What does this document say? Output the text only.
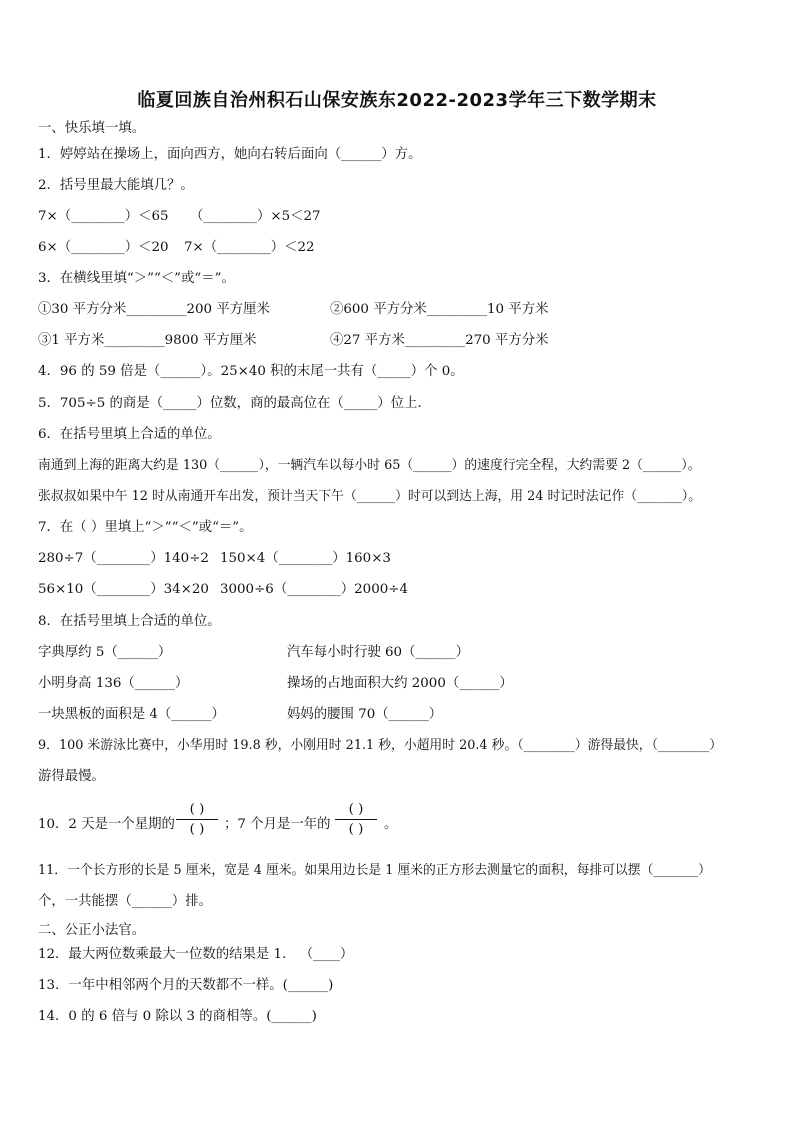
临夏回族自治州积石山保安族东2022-2023学年三下数学期末
一、快乐填一填。
1．婷婷站在操场上，面向西方，她向右转后面向（______）方。
2．括号里最大能填几？。
7×（________）＜65 （________）×5＜27
6×（________）＜20 7×（________）＜22
3．在横线里填“＞”“＜”或“＝”。
①30 平方分米_________200 平方厘米	②600 平方分米_________10 平方米
③1 平方米_________9800 平方厘米	④27 平方米_________270 平方分米
4．96 的 59 倍是（______）。25×40 积的末尾一共有（_____）个 0。
5．705÷5 的商是（_____）位数，商的最高位在（_____）位上.
6．在括号里填上合适的单位。
南通到上海的距离大约是 130（______），一辆汽车以每小时 65（______）的速度行完全程，大约需要 2（______）。
张叔叔如果中午 12 时从南通开车出发，预计当天下午（______）时可以到达上海，用 24 时记时法记作（_______）。
7．在（ ）里填上“＞”“＜”或“＝”。
280÷7（________）140÷2 150×4（________）160×3
56×10（________）34×20 3000÷6（________）2000÷4
8．在括号里填上合适的单位。
字典厚约 5（______）	汽车每小时行驶 60（______）
小明身高 136（______）	操场的占地面积大约 2000（______）
一块黑板的面积是 4（______）	妈妈的腰围 70（______）
9．100 米游泳比赛中，小华用时 19.8 秒，小刚用时 21.1 秒，小超用时 20.4 秒。（________）游得最快，（________）
游得最慢。
10．2 天是一个星期的
( )
( ) ；7 个月是一年的
( )
( ) 。
11．一个长方形的长是 5 厘米，宽是 4 厘米。如果用边长是 1 厘米的正方形去测量它的面积，每排可以摆（_______）
个，一共能摆（______）排。
二、公正小法官。
12．最大两位数乘最大一位数的结果是 1． （____）
13．一年中相邻两个月的天数都不一样。(______)
14．0 的 6 倍与 0 除以 3 的商相等。(______)
